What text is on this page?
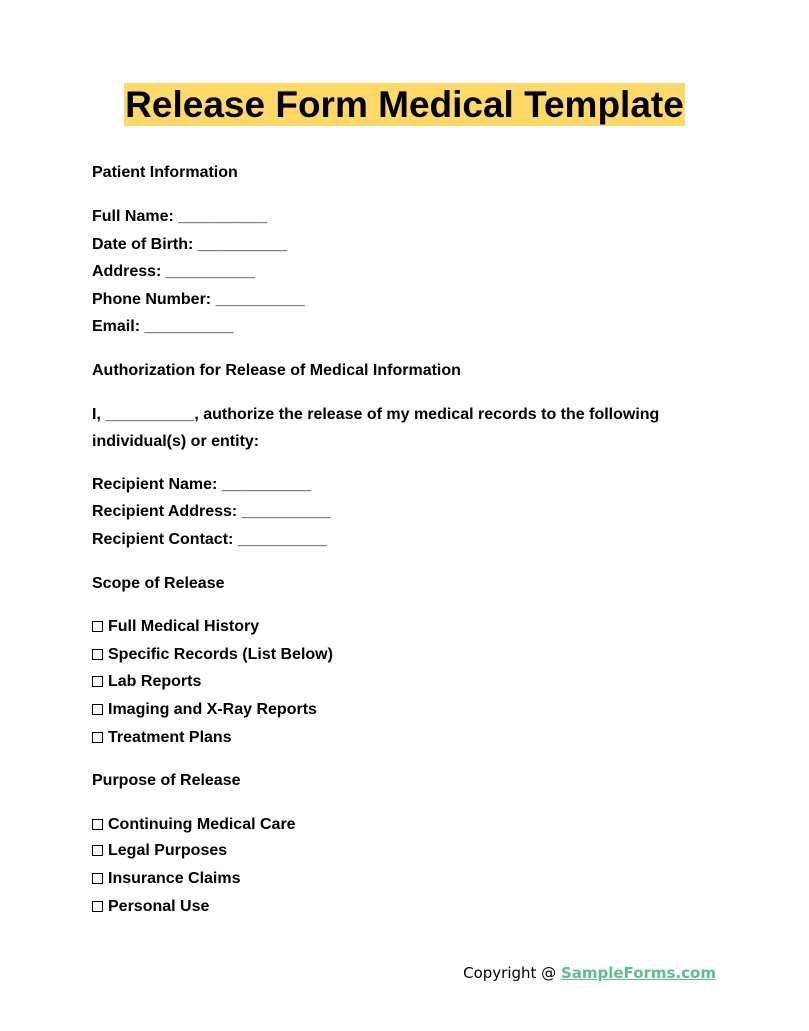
Release Form Medical Template

Patient Information

Full Name: __________

Date of Birth: __________

Address: __________

Phone Number: __________

Email: __________

Authorization for Release of Medical Information

I, __________, authorize the release of my medical records to the following individual(s) or entity:

Recipient Name: __________

Recipient Address: __________

Recipient Contact: __________

Scope of Release

Full Medical History

Specific Records (List Below)

Lab Reports

Imaging and X-Ray Reports

Treatment Plans

Purpose of Release

Continuing Medical Care

Legal Purposes

Insurance Claims

Personal Use

Copyright @ SampleForms.com
